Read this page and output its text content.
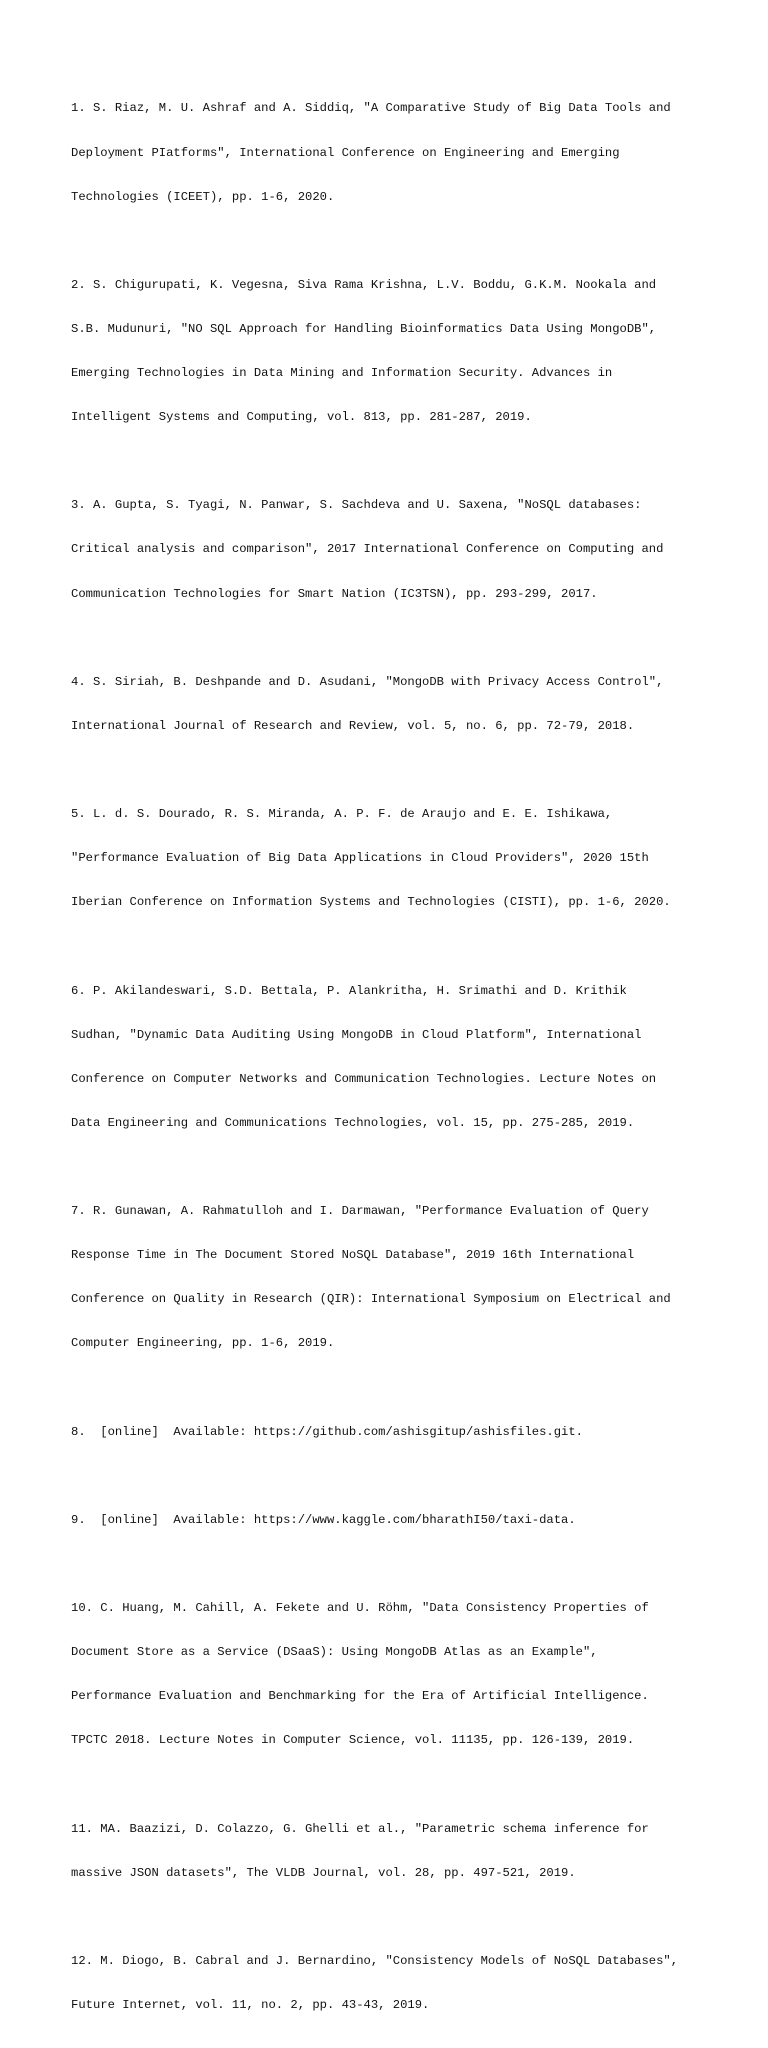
1. S. Riaz, M. U. Ashraf and A. Siddiq, "A Comparative Study of Big Data Tools and

Deployment PIatforms", International Conference on Engineering and Emerging

Technologies (ICEET), pp. 1-6, 2020.

2. S. Chigurupati, K. Vegesna, Siva Rama Krishna, L.V. Boddu, G.K.M. Nookala and

S.B. Mudunuri, "NO SQL Approach for Handling Bioinformatics Data Using MongoDB",

Emerging Technologies in Data Mining and Information Security. Advances in

Intelligent Systems and Computing, vol. 813, pp. 281-287, 2019.

3. A. Gupta, S. Tyagi, N. Panwar, S. Sachdeva and U. Saxena, "NoSQL databases:

Critical analysis and comparison", 2017 International Conference on Computing and

Communication Technologies for Smart Nation (IC3TSN), pp. 293-299, 2017.

4. S. Siriah, B. Deshpande and D. Asudani, "MongoDB with Privacy Access Control",

International Journal of Research and Review, vol. 5, no. 6, pp. 72-79, 2018.

5. L. d. S. Dourado, R. S. Miranda, A. P. F. de Araujo and E. E. Ishikawa,

"Performance Evaluation of Big Data Applications in Cloud Providers", 2020 15th

Iberian Conference on Information Systems and Technologies (CISTI), pp. 1-6, 2020.

6. P. Akilandeswari, S.D. Bettala, P. Alankritha, H. Srimathi and D. Krithik

Sudhan, "Dynamic Data Auditing Using MongoDB in Cloud Platform", International

Conference on Computer Networks and Communication Technologies. Lecture Notes on

Data Engineering and Communications Technologies, vol. 15, pp. 275-285, 2019.

7. R. Gunawan, A. Rahmatulloh and I. Darmawan, "Performance Evaluation of Query

Response Time in The Document Stored NoSQL Database", 2019 16th International

Conference on Quality in Research (QIR): International Symposium on Electrical and

Computer Engineering, pp. 1-6, 2019.

8.  [online]  Available: https://github.com/ashisgitup/ashisfiles.git.

9.  [online]  Available: https://www.kaggle.com/bharathI50/taxi-data.

10. C. Huang, M. Cahill, A. Fekete and U. Röhm, "Data Consistency Properties of

Document Store as a Service (DSaaS): Using MongoDB Atlas as an Example",

Performance Evaluation and Benchmarking for the Era of Artificial Intelligence.

TPCTC 2018. Lecture Notes in Computer Science, vol. 11135, pp. 126-139, 2019.

11. MA. Baazizi, D. Colazzo, G. Ghelli et al., "Parametric schema inference for

massive JSON datasets", The VLDB Journal, vol. 28, pp. 497-521, 2019.

12. M. Diogo, B. Cabral and J. Bernardino, "Consistency Models of NoSQL Databases",

Future Internet, vol. 11, no. 2, pp. 43-43, 2019.
